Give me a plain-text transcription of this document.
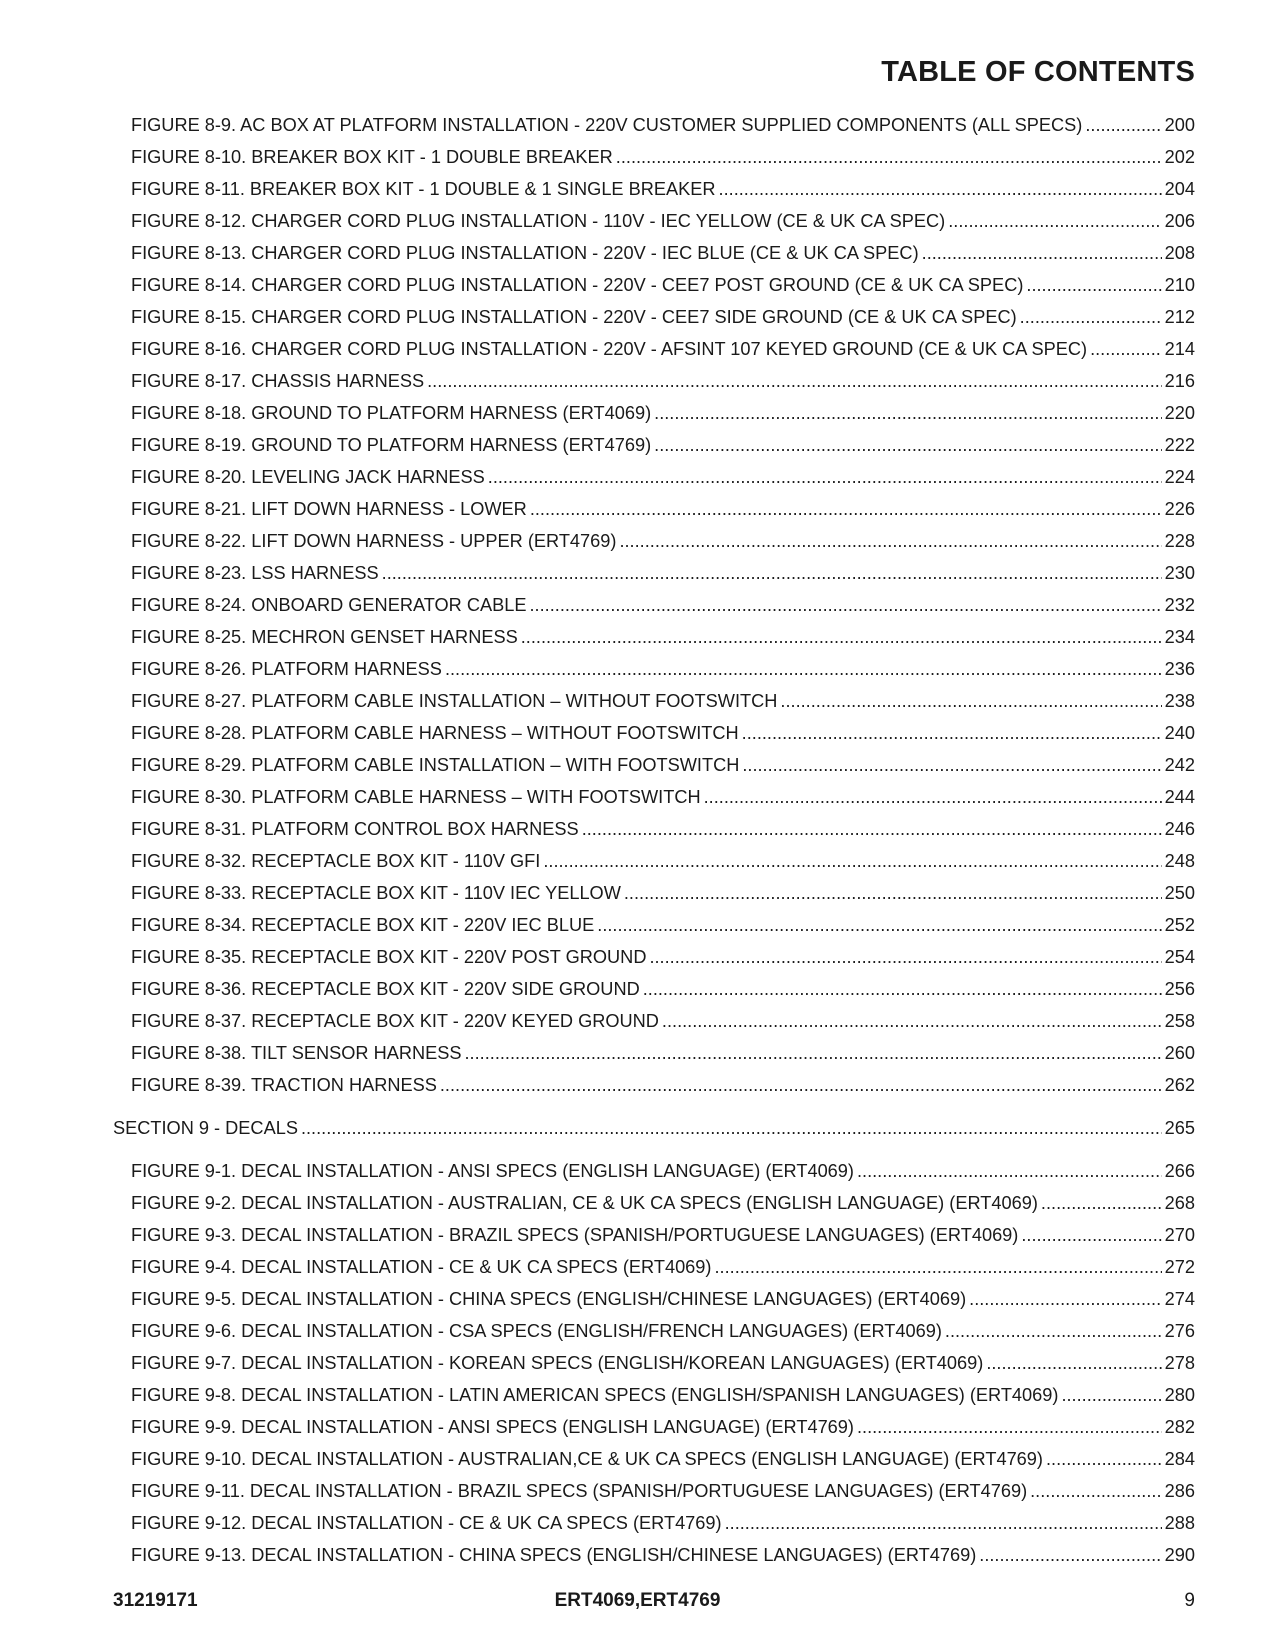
TABLE OF CONTENTS
FIGURE 8-9. AC BOX AT PLATFORM INSTALLATION - 220V CUSTOMER SUPPLIED COMPONENTS (ALL SPECS) .....	200
FIGURE 8-10. BREAKER BOX KIT - 1 DOUBLE BREAKER .....	202
FIGURE 8-11. BREAKER BOX KIT - 1 DOUBLE & 1 SINGLE BREAKER .....	204
FIGURE 8-12. CHARGER CORD PLUG INSTALLATION - 110V - IEC YELLOW (CE & UK CA SPEC) .....	206
FIGURE 8-13. CHARGER CORD PLUG INSTALLATION - 220V - IEC BLUE (CE & UK CA SPEC) .....	208
FIGURE 8-14. CHARGER CORD PLUG INSTALLATION - 220V - CEE7 POST GROUND (CE & UK CA SPEC) .....	210
FIGURE 8-15. CHARGER CORD PLUG INSTALLATION - 220V - CEE7 SIDE GROUND (CE & UK CA SPEC) .....	212
FIGURE 8-16. CHARGER CORD PLUG INSTALLATION - 220V - AFSINT 107 KEYED GROUND (CE & UK CA SPEC) .....	214
FIGURE 8-17. CHASSIS HARNESS .....	216
FIGURE 8-18. GROUND TO PLATFORM HARNESS (ERT4069) .....	220
FIGURE 8-19. GROUND TO PLATFORM HARNESS (ERT4769) .....	222
FIGURE 8-20. LEVELING JACK HARNESS .....	224
FIGURE 8-21. LIFT DOWN HARNESS - LOWER .....	226
FIGURE 8-22. LIFT DOWN HARNESS - UPPER (ERT4769) .....	228
FIGURE 8-23. LSS HARNESS .....	230
FIGURE 8-24. ONBOARD GENERATOR CABLE .....	232
FIGURE 8-25. MECHRON GENSET HARNESS .....	234
FIGURE 8-26. PLATFORM HARNESS .....	236
FIGURE 8-27. PLATFORM CABLE INSTALLATION – WITHOUT FOOTSWITCH .....	238
FIGURE 8-28. PLATFORM CABLE HARNESS – WITHOUT FOOTSWITCH .....	240
FIGURE 8-29. PLATFORM CABLE INSTALLATION – WITH FOOTSWITCH .....	242
FIGURE 8-30. PLATFORM CABLE HARNESS – WITH FOOTSWITCH .....	244
FIGURE 8-31. PLATFORM CONTROL BOX HARNESS .....	246
FIGURE 8-32. RECEPTACLE BOX KIT - 110V GFI .....	248
FIGURE 8-33. RECEPTACLE BOX KIT - 110V IEC YELLOW .....	250
FIGURE 8-34. RECEPTACLE BOX KIT - 220V IEC BLUE .....	252
FIGURE 8-35. RECEPTACLE BOX KIT - 220V POST GROUND .....	254
FIGURE 8-36. RECEPTACLE BOX KIT - 220V SIDE GROUND .....	256
FIGURE 8-37. RECEPTACLE BOX KIT - 220V KEYED GROUND .....	258
FIGURE 8-38. TILT SENSOR HARNESS .....	260
FIGURE 8-39. TRACTION HARNESS .....	262
SECTION 9 - DECALS .....	265
FIGURE 9-1. DECAL INSTALLATION - ANSI SPECS (ENGLISH LANGUAGE) (ERT4069) .....	266
FIGURE 9-2. DECAL INSTALLATION - AUSTRALIAN, CE & UK CA SPECS (ENGLISH LANGUAGE) (ERT4069) .....	268
FIGURE 9-3. DECAL INSTALLATION - BRAZIL SPECS (SPANISH/PORTUGUESE LANGUAGES) (ERT4069) .....	270
FIGURE 9-4. DECAL INSTALLATION - CE & UK CA SPECS (ERT4069) .....	272
FIGURE 9-5. DECAL INSTALLATION - CHINA SPECS (ENGLISH/CHINESE LANGUAGES) (ERT4069) .....	274
FIGURE 9-6. DECAL INSTALLATION - CSA SPECS (ENGLISH/FRENCH LANGUAGES) (ERT4069) .....	276
FIGURE 9-7. DECAL INSTALLATION - KOREAN SPECS (ENGLISH/KOREAN LANGUAGES) (ERT4069) .....	278
FIGURE 9-8. DECAL INSTALLATION - LATIN AMERICAN SPECS (ENGLISH/SPANISH LANGUAGES) (ERT4069) .....	280
FIGURE 9-9. DECAL INSTALLATION - ANSI SPECS (ENGLISH LANGUAGE) (ERT4769) .....	282
FIGURE 9-10. DECAL INSTALLATION - AUSTRALIAN,CE & UK CA SPECS (ENGLISH LANGUAGE) (ERT4769) .....	284
FIGURE 9-11. DECAL INSTALLATION - BRAZIL SPECS (SPANISH/PORTUGUESE LANGUAGES) (ERT4769) .....	286
FIGURE 9-12. DECAL INSTALLATION - CE & UK CA SPECS (ERT4769) .....	288
FIGURE 9-13. DECAL INSTALLATION - CHINA SPECS (ENGLISH/CHINESE LANGUAGES) (ERT4769) .....	290
31219171	ERT4069,ERT4769	9
